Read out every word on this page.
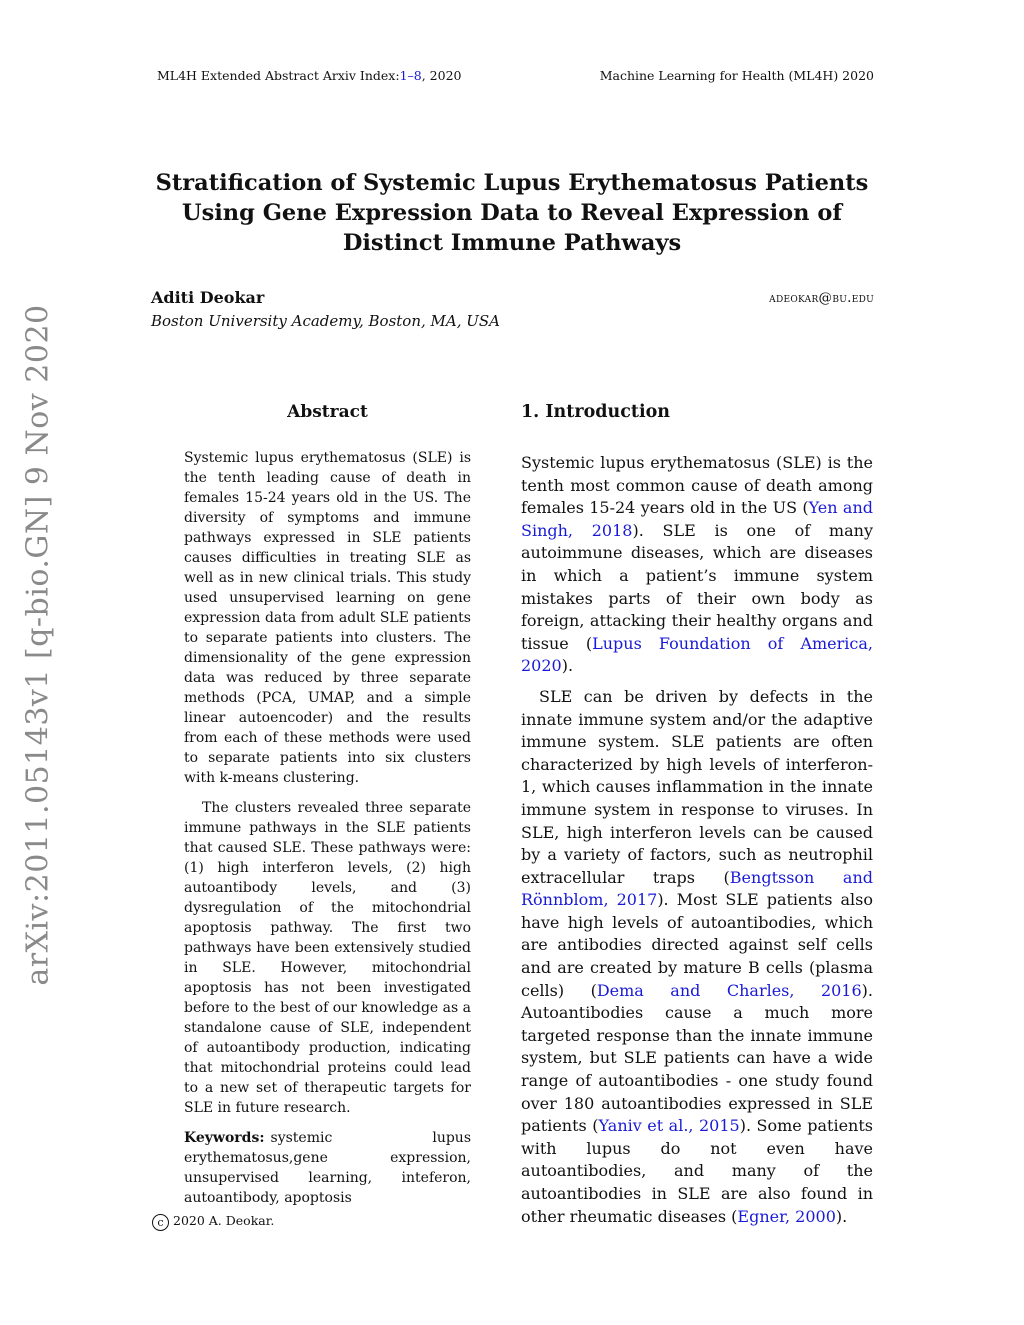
ML4H Extended Abstract Arxiv Index:1–8, 2020	Machine Learning for Health (ML4H) 2020
arXiv:2011.05143v1 [q-bio.GN] 9 Nov 2020
Stratification of Systemic Lupus Erythematosus Patients Using Gene Expression Data to Reveal Expression of Distinct Immune Pathways
Aditi Deokar	adeokar@bu.edu
Boston University Academy, Boston, MA, USA
Abstract

Systemic lupus erythematosus (SLE) is the tenth leading cause of death in females 15-24 years old in the US. The diversity of symptoms and immune pathways expressed in SLE patients causes difficulties in treating SLE as well as in new clinical trials. This study used unsupervised learning on gene expression data from adult SLE patients to separate patients into clusters. The dimensionality of the gene expression data was reduced by three separate methods (PCA, UMAP, and a simple linear autoencoder) and the results from each of these methods were used to separate patients into six clusters with k-means clustering.

The clusters revealed three separate immune pathways in the SLE patients that caused SLE. These pathways were: (1) high interferon levels, (2) high autoantibody levels, and (3) dysregulation of the mitochondrial apoptosis pathway. The first two pathways have been extensively studied in SLE. However, mitochondrial apoptosis has not been investigated before to the best of our knowledge as a standalone cause of SLE, independent of autoantibody production, indicating that mitochondrial proteins could lead to a new set of therapeutic targets for SLE in future research.

Keywords: systemic lupus erythematosus,gene expression, unsupervised learning, inteferon, autoantibody, apoptosis
1. Introduction

Systemic lupus erythematosus (SLE) is the tenth most common cause of death among females 15-24 years old in the US (Yen and Singh, 2018). SLE is one of many autoimmune diseases, which are diseases in which a patient’s immune system mistakes parts of their own body as foreign, attacking their healthy organs and tissue (Lupus Foundation of America, 2020).

SLE can be driven by defects in the innate immune system and/or the adaptive immune system. SLE patients are often characterized by high levels of interferon-1, which causes inflammation in the innate immune system in response to viruses. In SLE, high interferon levels can be caused by a variety of factors, such as neutrophil extracellular traps (Bengtsson and Rönnblom, 2017). Most SLE patients also have high levels of autoantibodies, which are antibodies directed against self cells and are created by mature B cells (plasma cells) (Dema and Charles, 2016). Autoantibodies cause a much more targeted response than the innate immune system, but SLE patients can have a wide range of autoantibodies - one study found over 180 autoantibodies expressed in SLE patients (Yaniv et al., 2015). Some patients with lupus do not even have autoantibodies, and many of the autoantibodies in SLE are also found in other rheumatic diseases (Egner, 2000).

c 2020 A. Deokar.
